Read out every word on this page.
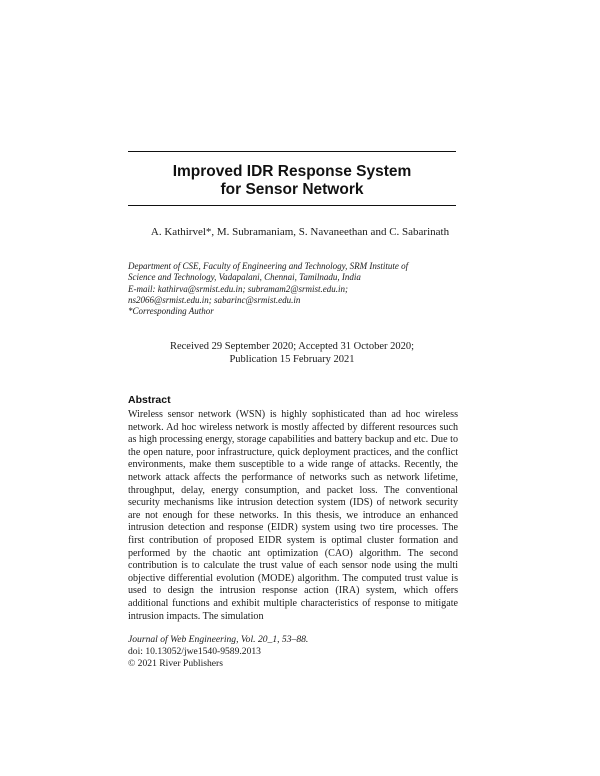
Improved IDR Response System
for Sensor Network
A. Kathirvel*, M. Subramaniam, S. Navaneethan and C. Sabarinath
Department of CSE, Faculty of Engineering and Technology, SRM Institute of
Science and Technology, Vadapalani, Chennai, Tamilnadu, India
E-mail: kathirva@srmist.edu.in; subramam2@srmist.edu.in;
ns2066@srmist.edu.in; sabarinc@srmist.edu.in
*Corresponding Author
Received 29 September 2020; Accepted 31 October 2020;
Publication 15 February 2021
Abstract

Wireless sensor network (WSN) is highly sophisticated than ad hoc wireless network. Ad hoc wireless network is mostly affected by different resources such as high processing energy, storage capabilities and battery backup and etc. Due to the open nature, poor infrastructure, quick deployment practices, and the conflict environments, make them susceptible to a wide range of attacks. Recently, the network attack affects the performance of networks such as network lifetime, throughput, delay, energy consumption, and packet loss. The conventional security mechanisms like intrusion detection system (IDS) of network security are not enough for these networks. In this thesis, we introduce an enhanced intrusion detection and response (EIDR) system using two tire processes. The first contribution of proposed EIDR system is optimal cluster formation and performed by the chaotic ant optimization (CAO) algorithm. The second contribution is to calculate the trust value of each sensor node using the multi objective differential evolution (MODE) algorithm. The computed trust value is used to design the intrusion response action (IRA) system, which offers additional functions and exhibit multiple characteristics of response to mitigate intrusion impacts. The simulation

Journal of Web Engineering, Vol. 20_1, 53–88.
doi: 10.13052/jwe1540-9589.2013
© 2021 River Publishers
